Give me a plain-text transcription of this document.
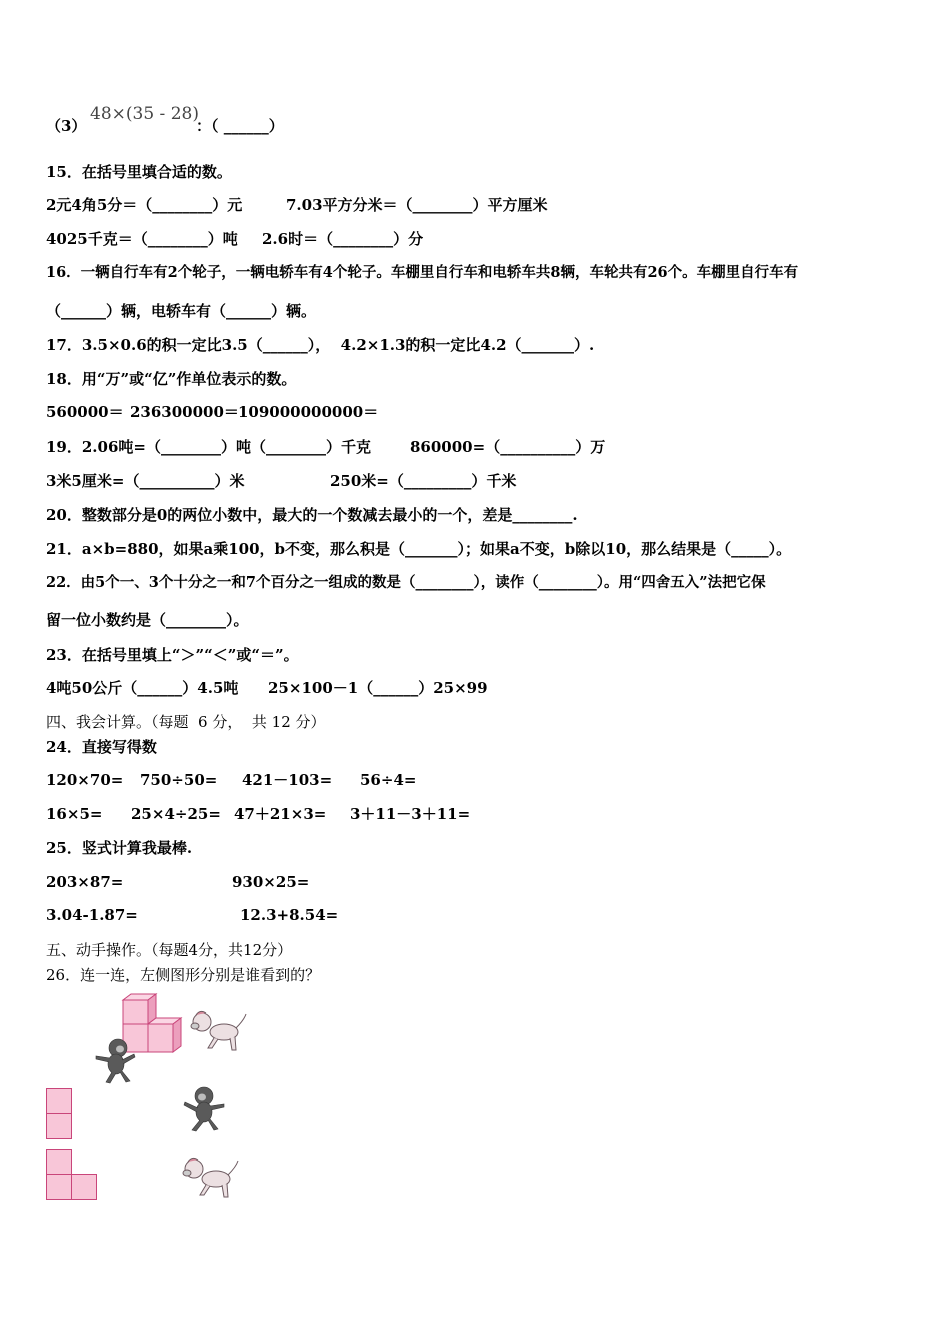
（3）
48×(35 - 28)
：（ ______）
15．在括号里填合适的数。
2元4角5分＝（________）元	7.03平方分米＝（________）平方厘米
4025千克＝（________）吨 2.6时＝（________）分
16．一辆自行车有2个轮子，一辆电轿车有4个轮子。车棚里自行车和电轿车共8辆，车轮共有26个。车棚里自行车有
（______）辆，电轿车有（______）辆。
17．3.5×0.6的积一定比3.5（______），  4.2×1.3的积一定比4.2（_______）.
18．用“万”或“亿”作单位表示的数。
560000＝ 236300000＝ 109000000000＝
19．2.06吨=（________）吨（________）千克	860000=（__________）万
3米5厘米=（__________）米	250米=（_________）千米
20．整数部分是0的两位小数中，最大的一个数减去最小的一个，差是________.
21．a×b=880，如果a乘100，b不变，那么积是（_______）；如果a不变，b除以10，那么结果是（_____）。
22．由5个一、3个十分之一和7个百分之一组成的数是（________），读作（________）。用“四舍五入”法把它保
留一位小数约是（________）。
23．在括号里填上“＞”“＜”或“＝”。
4吨50公斤（______）4.5吨 25×100－1（______）25×99
四、我会计算。（每题  6 分，  共 12 分）
24．直接写得数
120×70= 750÷50= 421－103= 56÷4=
16×5= 25×4÷25= 47＋21×3= 3＋11－3＋11=
25．竖式计算我最棒.
203×87=	930×25=
3.04-1.87=	12.3+8.54=
五、动手操作。（每题4分，共12分）
26．连一连，左侧图形分别是谁看到的？
